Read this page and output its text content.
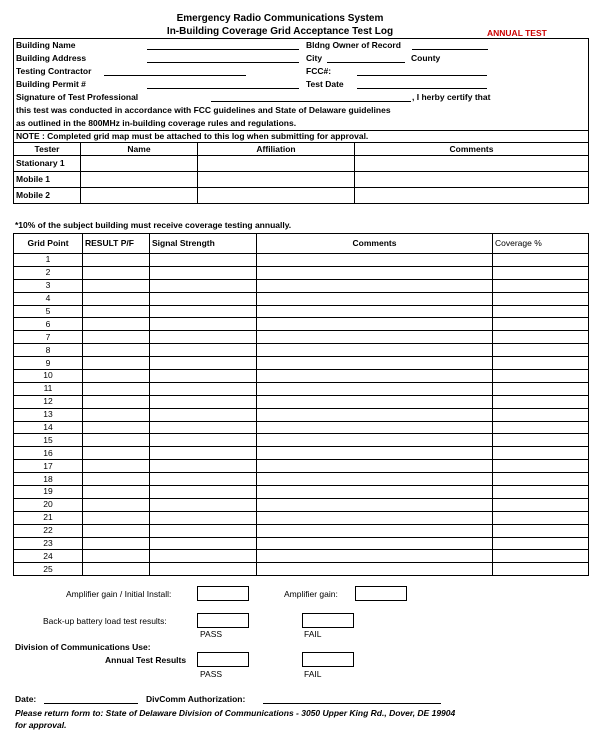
Emergency Radio Communications System
In-Building Coverage Grid Acceptance Test Log	ANNUAL TEST
Building Name	Bldng Owner of Record
Building Address	City	County
Testing Contractor	FCC#:
Building Permit #	Test Date
Signature of Test Professional	, I herby certify that
this test was conducted in accordance with FCC guidelines and State of Delaware guidelines
as outlined in the 800MHz in-building coverage rules and regulations.
NOTE : Completed grid map must be attached to this log when submitting for approval.
Tester	Name	Affiliation	Comments
Stationary 1			
Mobile 1			
Mobile 2			
*10% of the subject building must receive coverage testing annually.
Grid Point	RESULT P/F	Signal Strength	Comments	Coverage %
1				
2				
3				
4				
5				
6				
7				
8				
9				
10				
11				
12				
13				
14				
15				
16				
17				
18				
19				
20				
21				
22				
23				
24				
25				
Amplifier gain / Initial Install:	Amplifier gain:
Back-up battery load test results:
PASS	FAIL
Division of Communications Use:
Annual Test Results
PASS	FAIL
Date:	DivComm Authorization:
Please return form to: State of Delaware Division of Communications - 3050 Upper King Rd., Dover, DE 19904
for approval.
